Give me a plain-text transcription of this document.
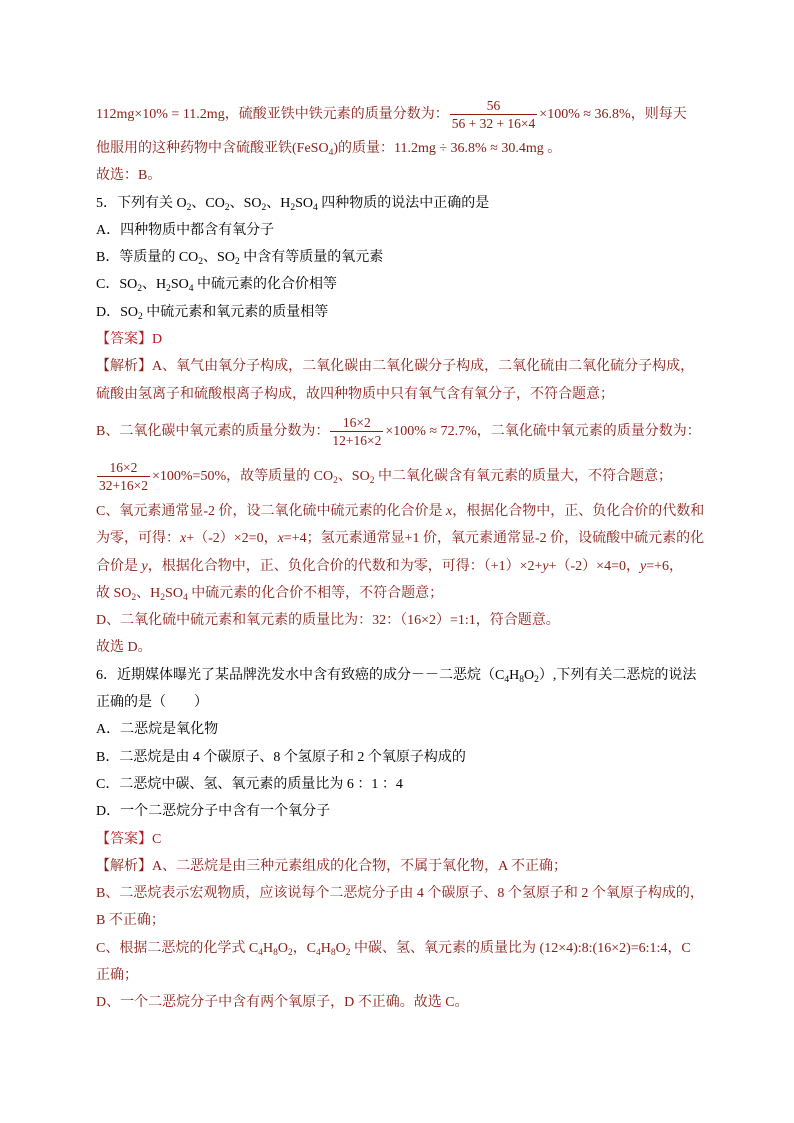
112mg×10% = 11.2mg，硫酸亚铁中铁元素的质量分数为： $\frac{56}{56 + 32 + 16\times 4} \times 100\% \approx 36.8\%$，则每天
他服用的这种药物中含硫酸亚铁(FeSO$_4$)的质量：11.2mg ÷ 36.8% ≈ 30.4mg 。
故选：B。
5．下列有关 $O_2$、$CO_2$、$SO_2$、$H_2SO_4$ 四种物质的说法中正确的是
A．四种物质中都含有氧分子
B．等质量的 $CO_2$、$SO_2$ 中含有等质量的氧元素
C．$SO_2$、$H_2SO_4$ 中硫元素的化合价相等
D．$SO_2$ 中硫元素和氧元素的质量相等
【答案】D
【解析】A、氧气由氧分子构成，二氧化碳由二氧化碳分子构成，二氧化硫由二氧化硫分子构成，
硫酸由氢离子和硫酸根离子构成，故四种物质中只有氧气含有氧分子，不符合题意；
B、二氧化碳中氧元素的质量分数为： $\frac{16\times 2}{12+16\times 2} \times 100\% \approx 72.7\%$，二氧化硫中氧元素的质量分数为：
$\frac{16\times 2}{32+16\times 2} \times 100\%=50\%$，故等质量的 $CO_2$、$SO_2$ 中二氧化碳含有氧元素的质量大，不符合题意；
C、氧元素通常显-2 价，设二氧化硫中硫元素的化合价是 x，根据化合物中，正、负化合价的代数和
为零，可得：x+（-2）×2=0，x=+4；氢元素通常显+1 价，氧元素通常显-2 价，设硫酸中硫元素的化
合价是 y，根据化合物中，正、负化合价的代数和为零，可得：（+1）×2+y+（-2）×4=0，y=+6，
故 $SO_2$、$H_2SO_4$ 中硫元素的化合价不相等，不符合题意；
D、二氧化硫中硫元素和氧元素的质量比为：32：（16×2）=1:1，符合题意。
故选 D。
6．近期媒体曝光了某品牌洗发水中含有致癌的成分－－二恶烷$(C_4H_8O_2)$,下列有关二恶烷的说法
正确的是（　　）
A．二恶烷是氧化物
B．二恶烷是由 4 个碳原子、8 个氢原子和 2 个氧原子构成的
C．二恶烷中碳、氢、氧元素的质量比为 6 ：1 ：4
D．一个二恶烷分子中含有一个氧分子
【答案】C
【解析】A、二恶烷是由三种元素组成的化合物，不属于氧化物，A 不正确；
B、二恶烷表示宏观物质，应该说每个二恶烷分子由 4 个碳原子、8 个氢原子和 2 个氧原子构成的，
B 不正确；
C、根据二恶烷的化学式 $C_4H_8O_2$，$C_4H_8O_2$ 中碳、氢、氧元素的质量比为 (12×4):8:(16×2)=6:1:4，C
正确；
D、一个二恶烷分子中含有两个氧原子，D 不正确。故选 C。
